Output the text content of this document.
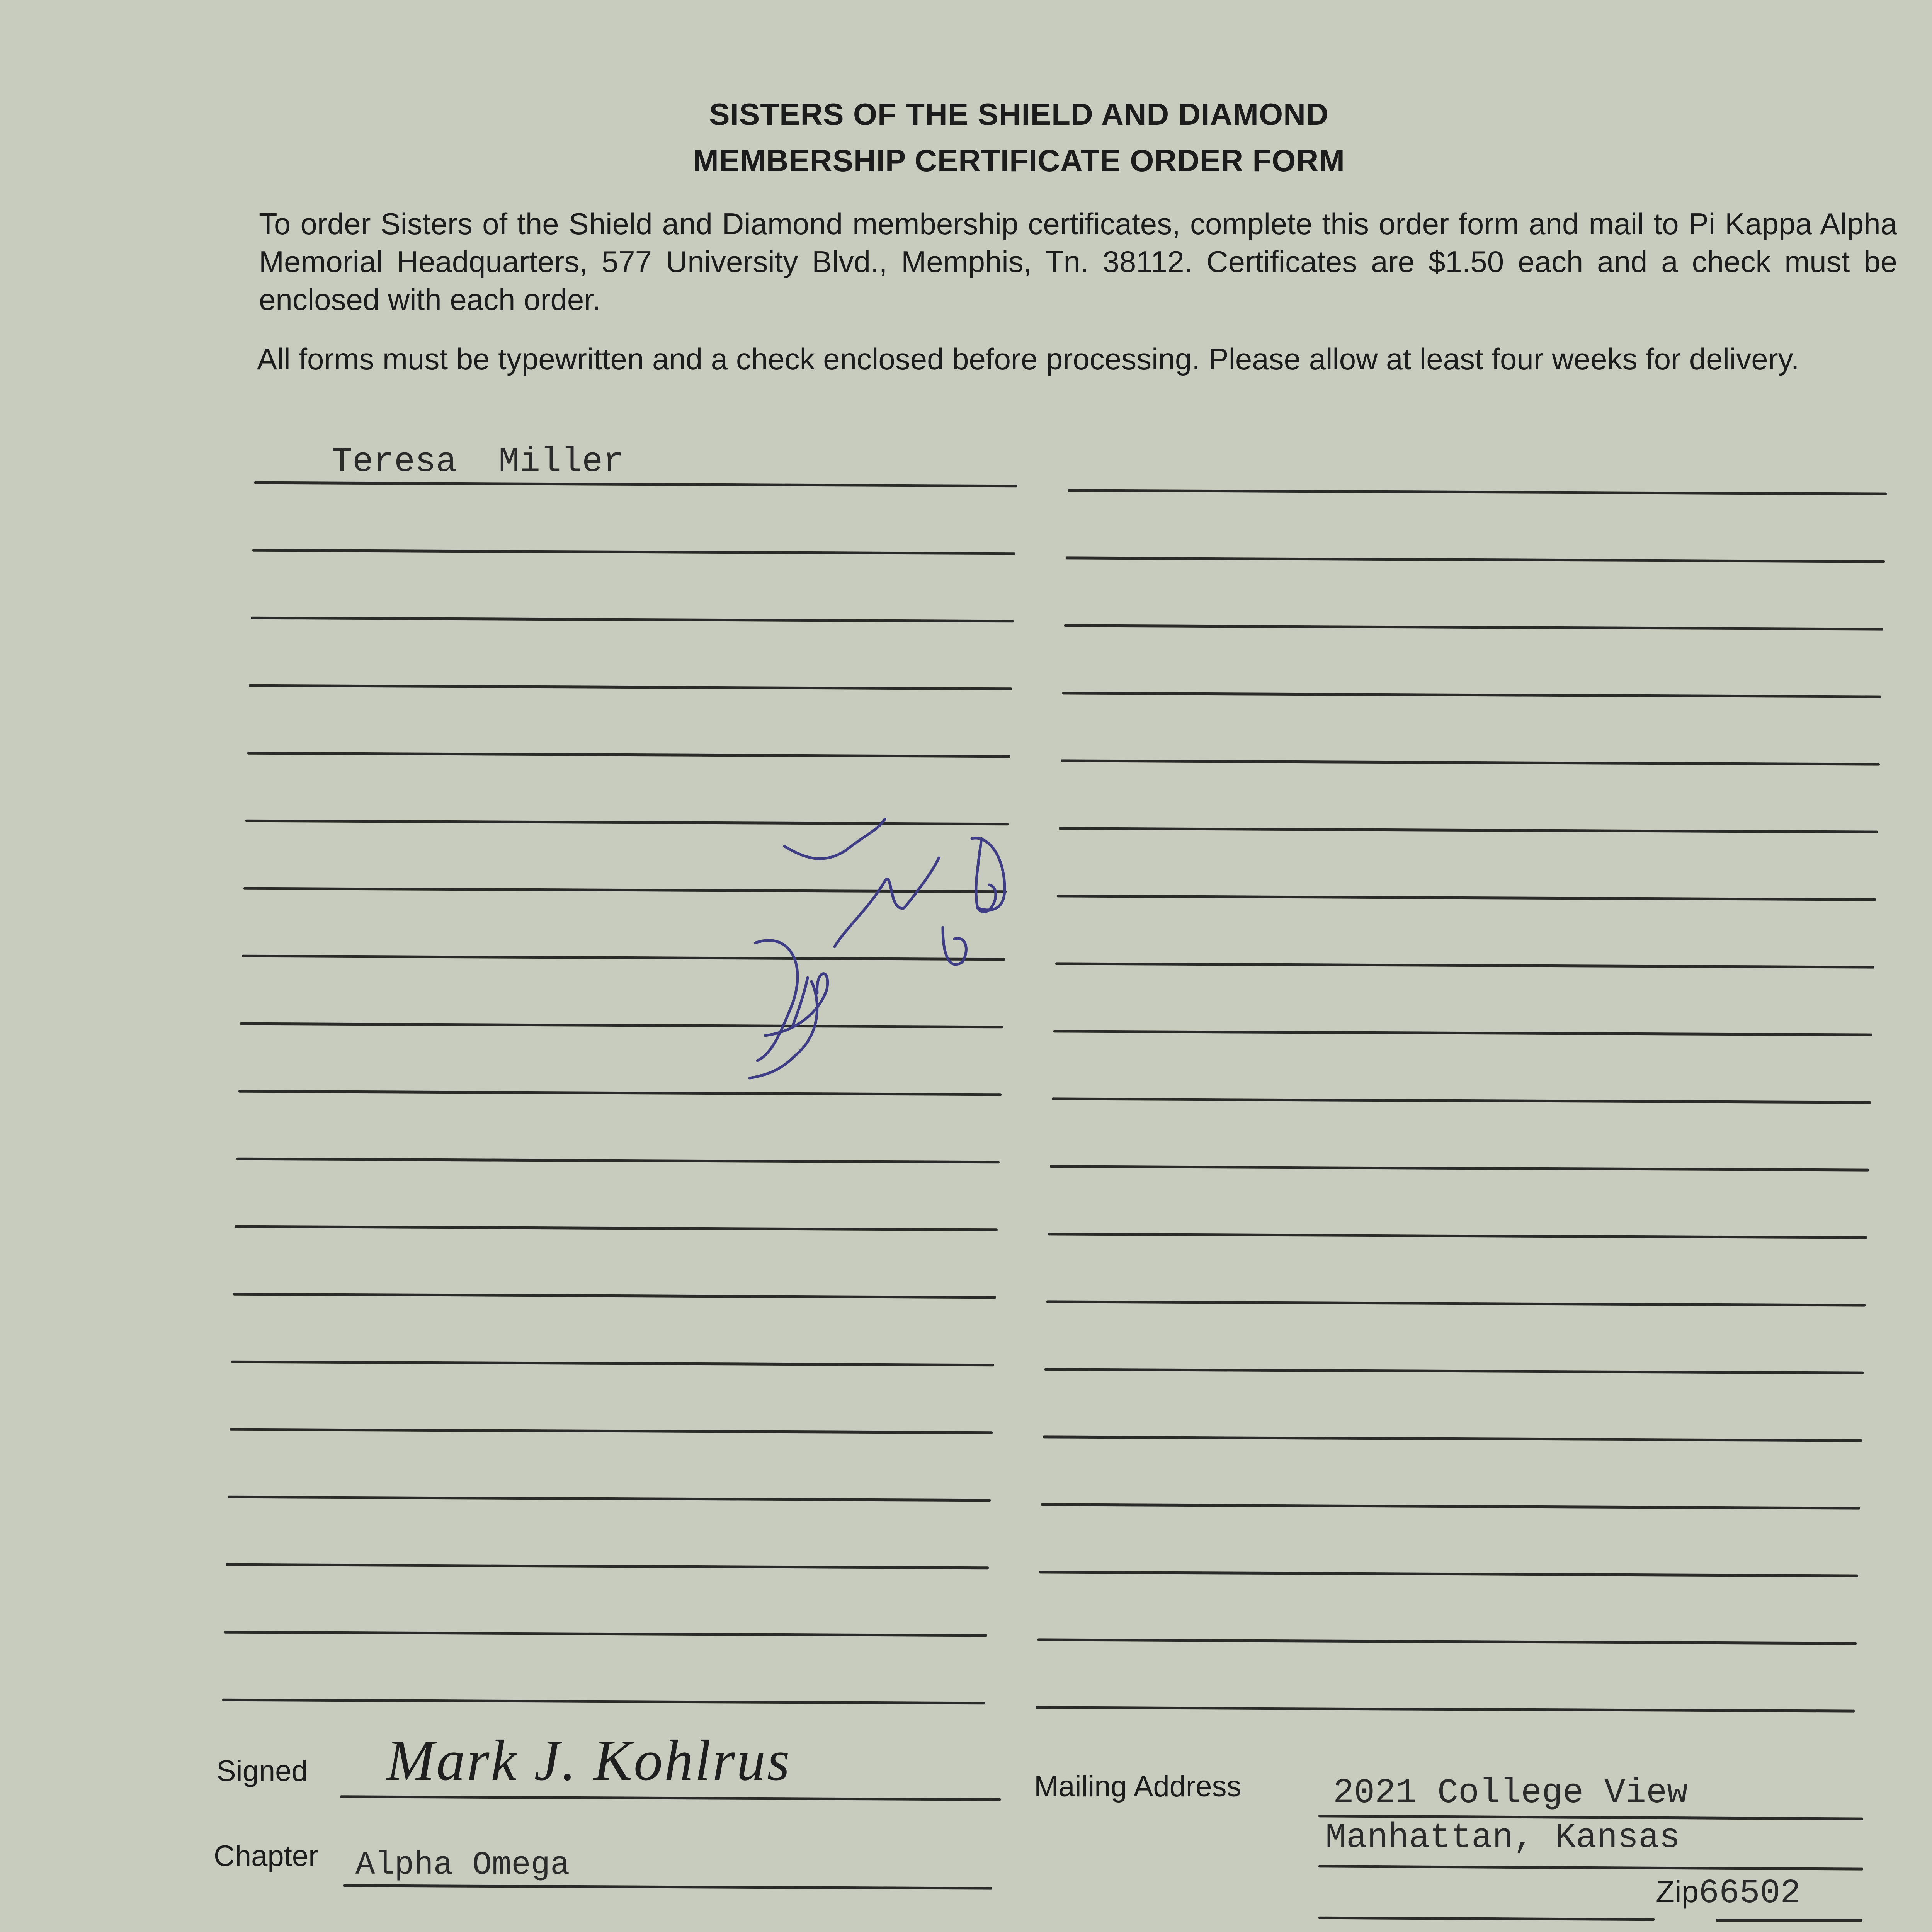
SISTERS OF THE SHIELD AND DIAMOND
MEMBERSHIP CERTIFICATE ORDER FORM
To order Sisters of the Shield and Diamond membership certificates, complete this order form and mail to Pi Kappa Alpha Memorial Headquarters, 577 University Blvd., Memphis, Tn. 38112. Certificates are $1.50 each and a check must be enclosed with each order.
All forms must be typewritten and a check enclosed before processing. Please allow at least four weeks for delivery.
Teresa  Miller
Signed Mark J. Kohlrus
Chapter Alpha Omega
Mailing Address	2021 College View
Manhattan, Kansas
Zip66502
